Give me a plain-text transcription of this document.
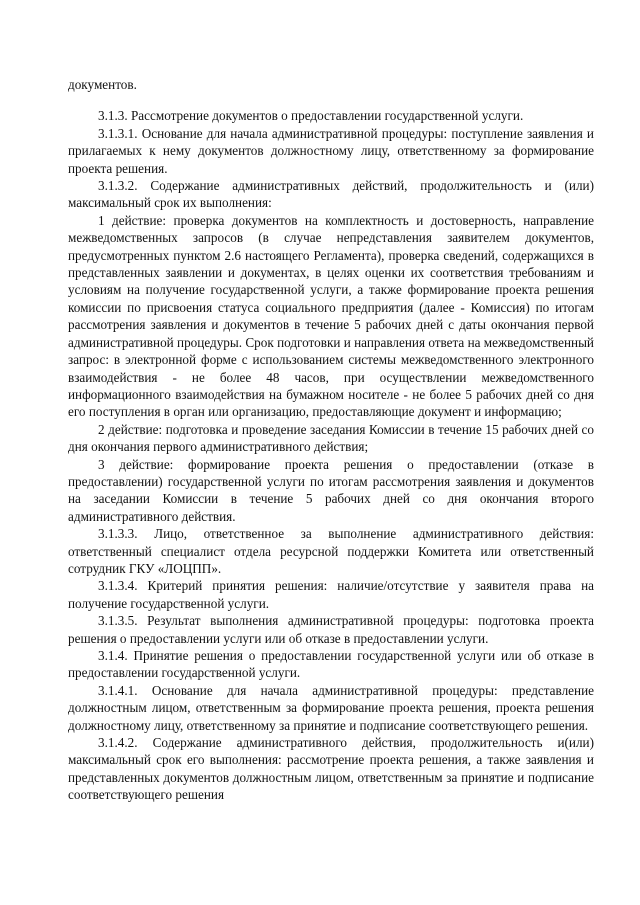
документов.

3.1.3. Рассмотрение документов о предоставлении государственной услуги.

3.1.3.1. Основание для начала административной процедуры: поступление заявления и прилагаемых к нему документов должностному лицу, ответственному за формирование проекта решения.

3.1.3.2. Содержание административных действий, продолжительность и (или) максимальный срок их выполнения:

1 действие: проверка документов на комплектность и достоверность, направление межведомственных запросов (в случае непредставления заявителем документов, предусмотренных пунктом 2.6 настоящего Регламента), проверка сведений, содержащихся в представленных заявлении и документах, в целях оценки их соответствия требованиям и условиям на получение государственной услуги, а также формирование проекта решения комиссии по присвоения статуса социального предприятия (далее - Комиссия) по итогам рассмотрения заявления и документов в течение 5 рабочих дней с даты окончания первой административной процедуры. Срок подготовки и направления ответа на межведомственный запрос: в электронной форме с использованием системы межведомственного электронного взаимодействия - не более 48 часов, при осуществлении межведомственного информационного взаимодействия на бумажном носителе - не более 5 рабочих дней со дня его поступления в орган или организацию, предоставляющие документ и информацию;

2 действие: подготовка и проведение заседания Комиссии в течение 15 рабочих дней со дня окончания первого административного действия;

3 действие: формирование проекта решения о предоставлении (отказе в предоставлении) государственной услуги по итогам рассмотрения заявления и документов на заседании Комиссии в течение 5 рабочих дней со дня окончания второго административного действия.

3.1.3.3. Лицо, ответственное за выполнение административного действия: ответственный специалист отдела ресурсной поддержки Комитета или ответственный сотрудник ГКУ «ЛОЦПП».

3.1.3.4. Критерий принятия решения: наличие/отсутствие у заявителя права на получение государственной услуги.

3.1.3.5. Результат выполнения административной процедуры: подготовка проекта решения о предоставлении услуги или об отказе в предоставлении услуги.

3.1.4. Принятие решения о предоставлении государственной услуги или об отказе в предоставлении государственной услуги.

3.1.4.1. Основание для начала административной процедуры: представление должностным лицом, ответственным за формирование проекта решения, проекта решения должностному лицу, ответственному за принятие и подписание соответствующего решения.

3.1.4.2. Содержание административного действия, продолжительность и(или) максимальный срок его выполнения: рассмотрение проекта решения, а также заявления и представленных документов должностным лицом, ответственным за принятие и подписание соответствующего решения
